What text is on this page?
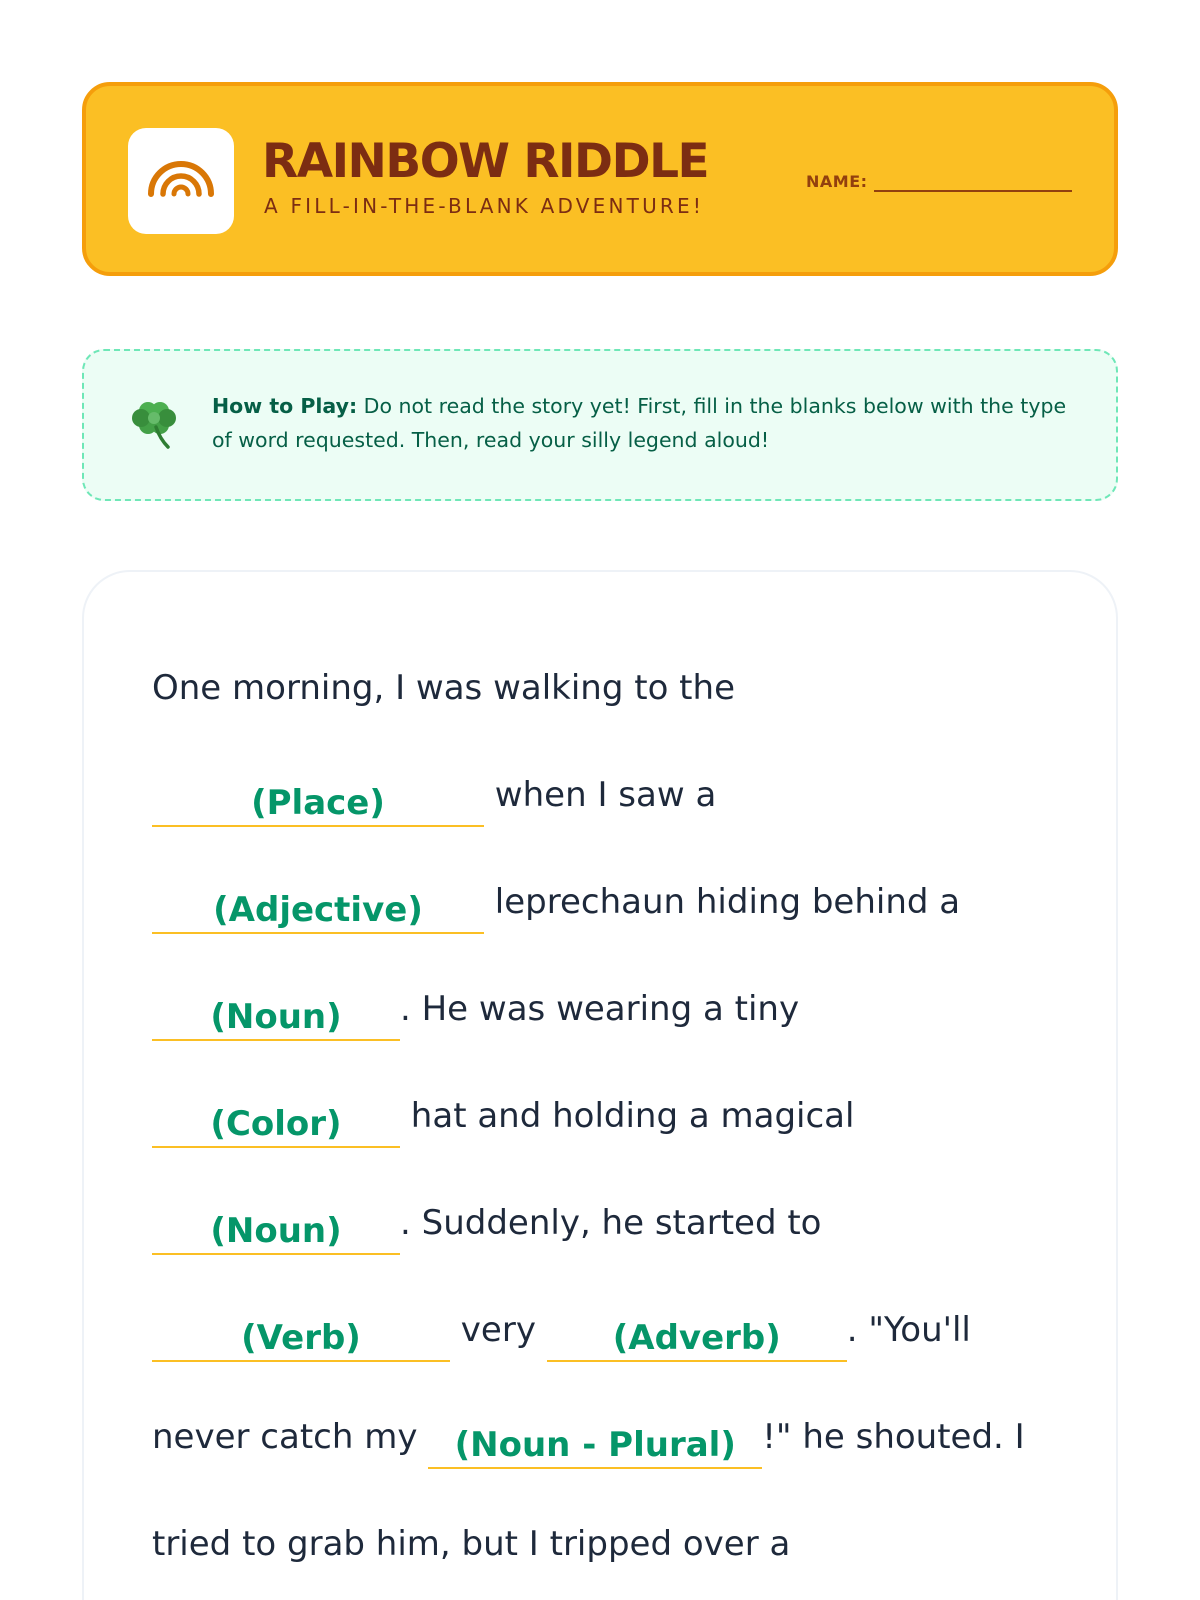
RAINBOW RIDDLE
A FILL-IN-THE-BLANK ADVENTURE!
NAME:
How to Play: Do not read the story yet! First, fill in the blanks below with the type of word requested. Then, read your silly legend aloud!
One morning, I was walking to the
(Place)	when I saw a
(Adjective) leprechaun hiding behind a
(Noun) . He was wearing a tiny
(Color) hat and holding a magical
(Noun) . Suddenly, he started to
(Verb)	very (Adverb) . "You'll
never catch my (Noun - Plural) !" he shouted. I
tried to grab him, but I tripped over a
